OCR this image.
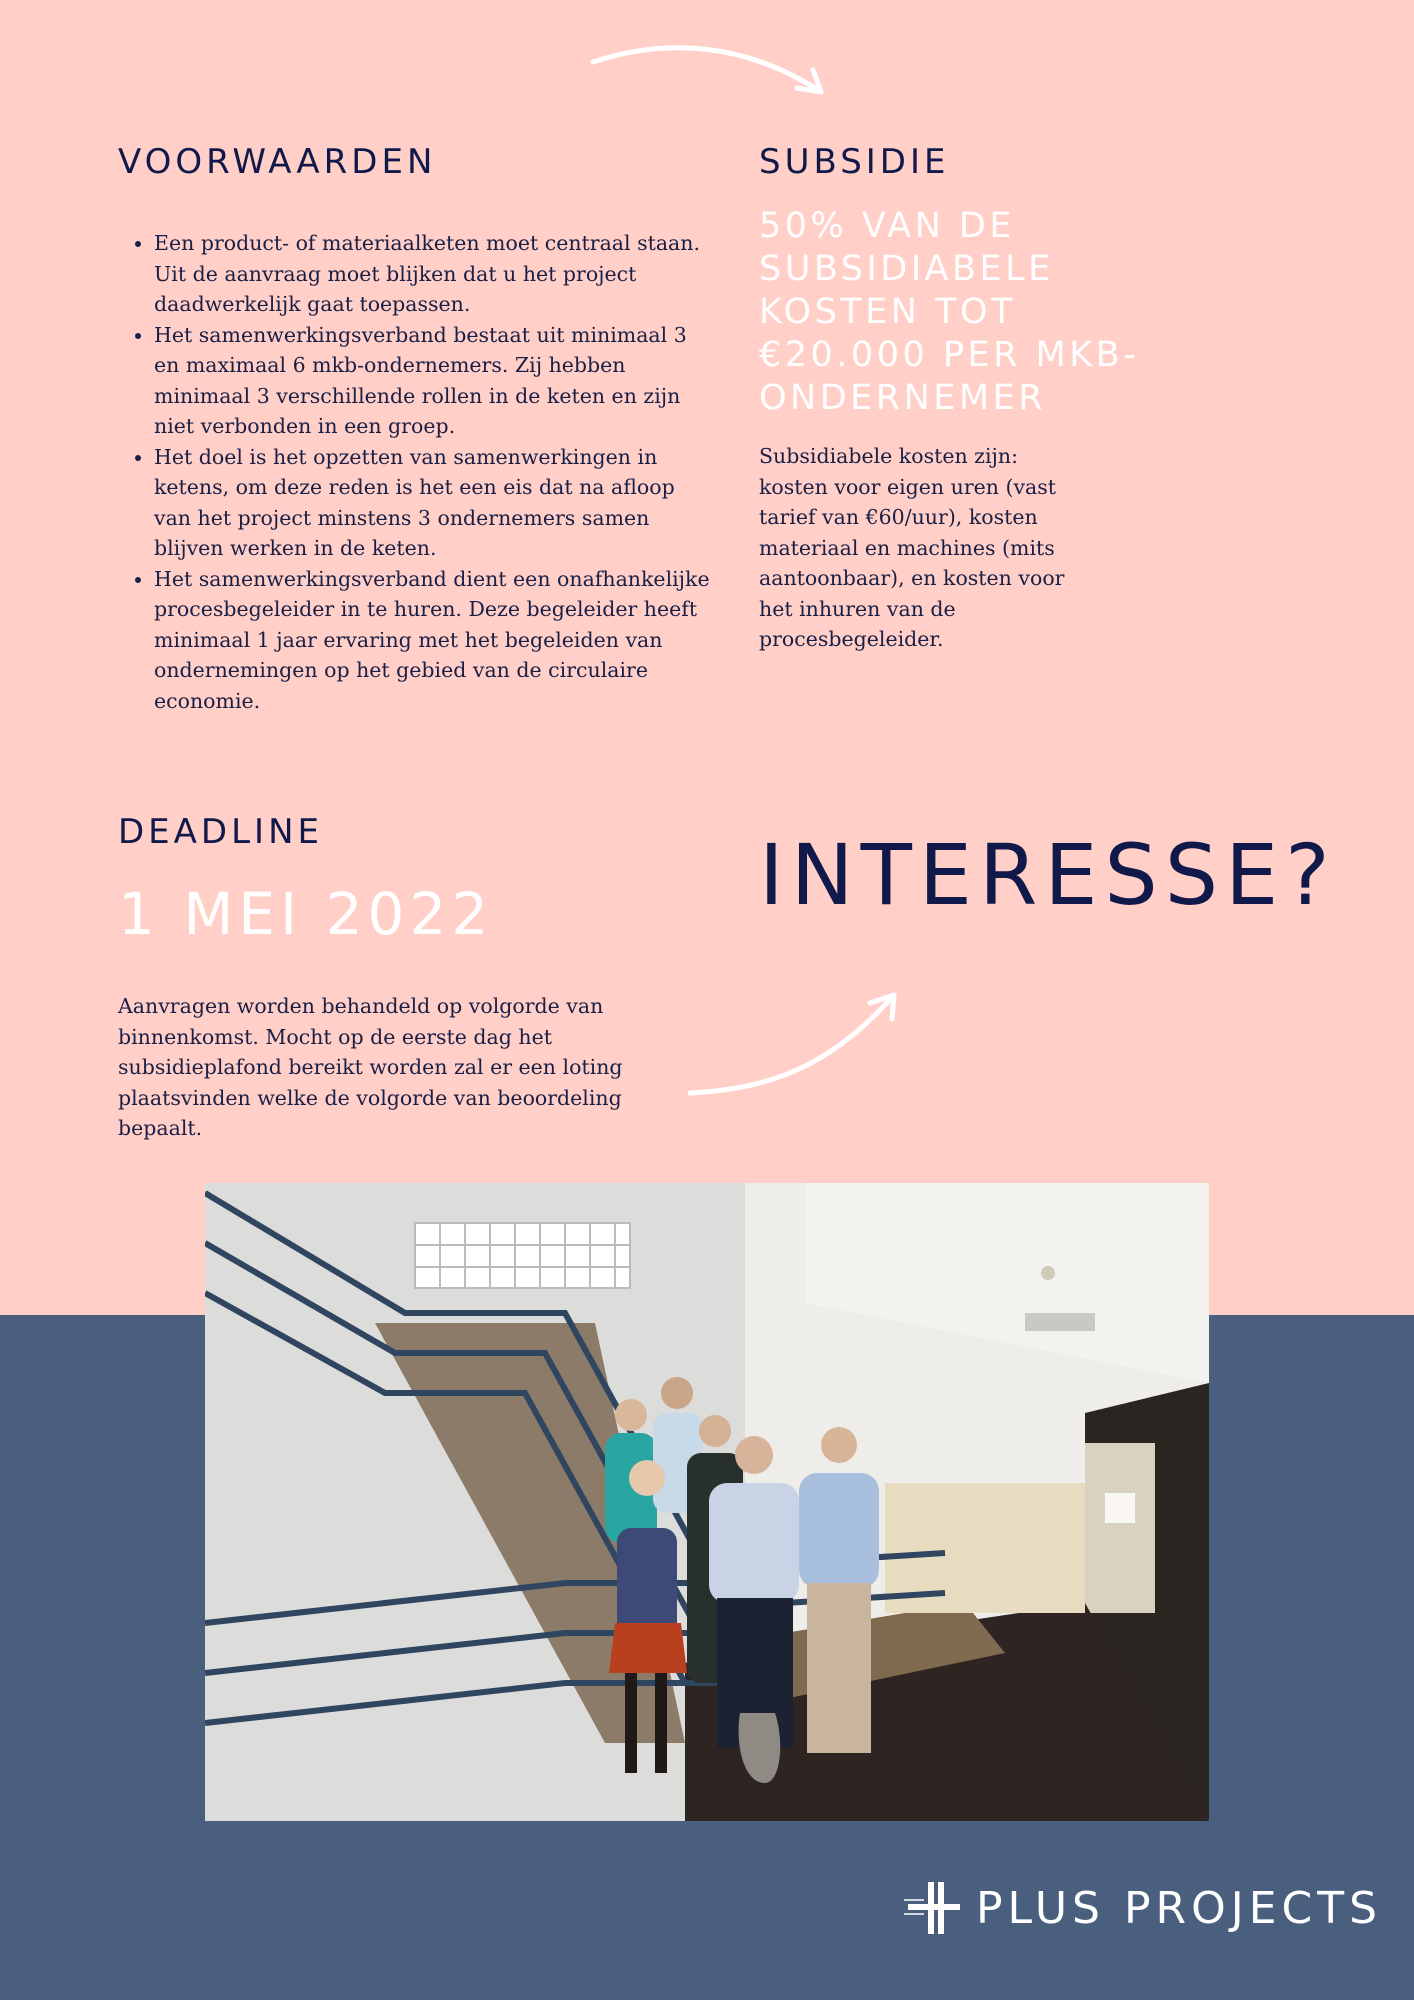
VOORWAARDEN
• Een product- of materiaalketen moet centraal staan. Uit de aanvraag moet blijken dat u het project daadwerkelijk gaat toepassen.
• Het samenwerkingsverband bestaat uit minimaal 3 en maximaal 6 mkb-ondernemers. Zij hebben minimaal 3 verschillende rollen in de keten en zijn niet verbonden in een groep.
• Het doel is het opzetten van samenwerkingen in ketens, om deze reden is het een eis dat na afloop van het project minstens 3 ondernemers samen blijven werken in de keten.
• Het samenwerkingsverband dient een onafhankelijke procesbegeleider in te huren. Deze begeleider heeft minimaal 1 jaar ervaring met het begeleiden van ondernemingen op het gebied van de circulaire economie.
SUBSIDIE
50% VAN DE SUBSIDIABELE KOSTEN TOT €20.000 PER MKB-ONDERNEMER
Subsidiabele kosten zijn: kosten voor eigen uren (vast tarief van €60/uur), kosten materiaal en machines (mits aantoonbaar), en kosten voor het inhuren van de procesbegeleider.
DEADLINE
1 MEI 2022
Aanvragen worden behandeld op volgorde van binnenkomst. Mocht op de eerste dag het subsidieplafond bereikt worden zal er een loting plaatsvinden welke de volgorde van beoordeling bepaalt.
INTERESSE?
PLUS PROJECTS
